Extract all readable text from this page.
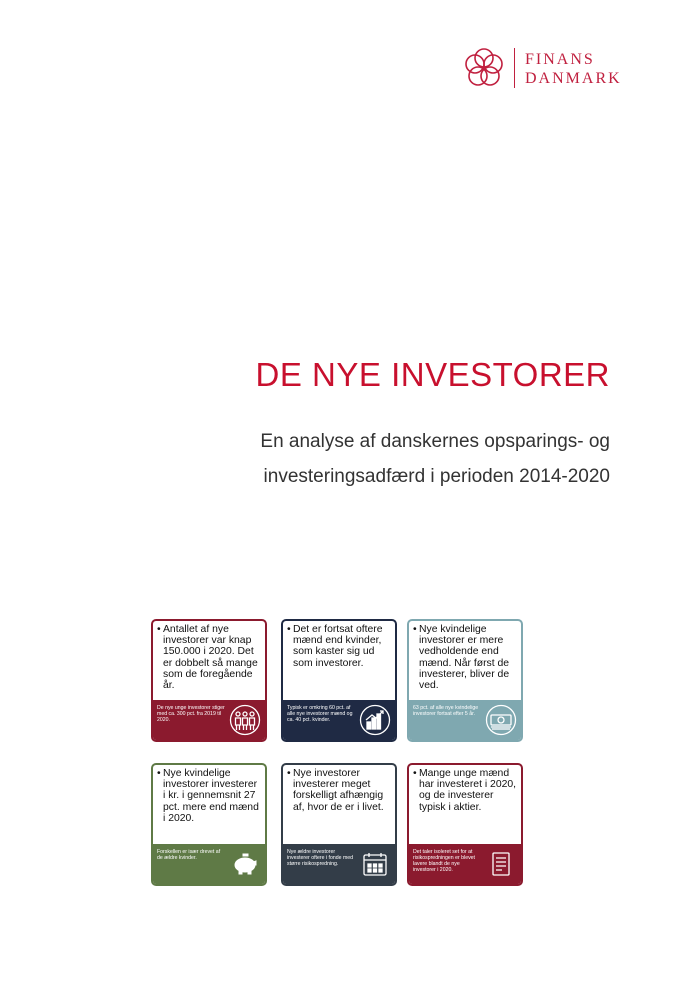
FINANS
DANMARK
DE NYE INVESTORER
En analyse af danskernes opsparings- og
investeringsadfærd i perioden 2014-2020
• Antallet af nye investorer var knap 150.000 i 2020. Det er dobbelt så mange som de foregående år.
De nye unge investorer stiger med ca. 300 pct. fra 2019 til 2020.
• Det er fortsat oftere mænd end kvinder, som kaster sig ud som investorer.
Typisk er omkring 60 pct. af alle nye investorer mænd og ca. 40 pct. kvinder.
• Nye kvindelige investorer er mere vedholdende end mænd. Når først de investerer, bliver de ved.
63 pct. af alle nye kvindelige investorer fortsat efter 5 år.
• Nye kvindelige investorer investerer i kr. i gennemsnit 27 pct. mere end mænd i 2020.
Forskellen er især drevet af de ældre kvinder.
• Nye investorer investerer meget forskelligt afhængig af, hvor de er i livet.
Nye ældre investorer investerer oftere i fonde med større risikospredning.
• Mange unge mænd har investeret i 2020, og de investerer typisk i aktier.
Det taler isoleret set for at risikospredningen er blevet lavere blandt de nye investorer i 2020.
